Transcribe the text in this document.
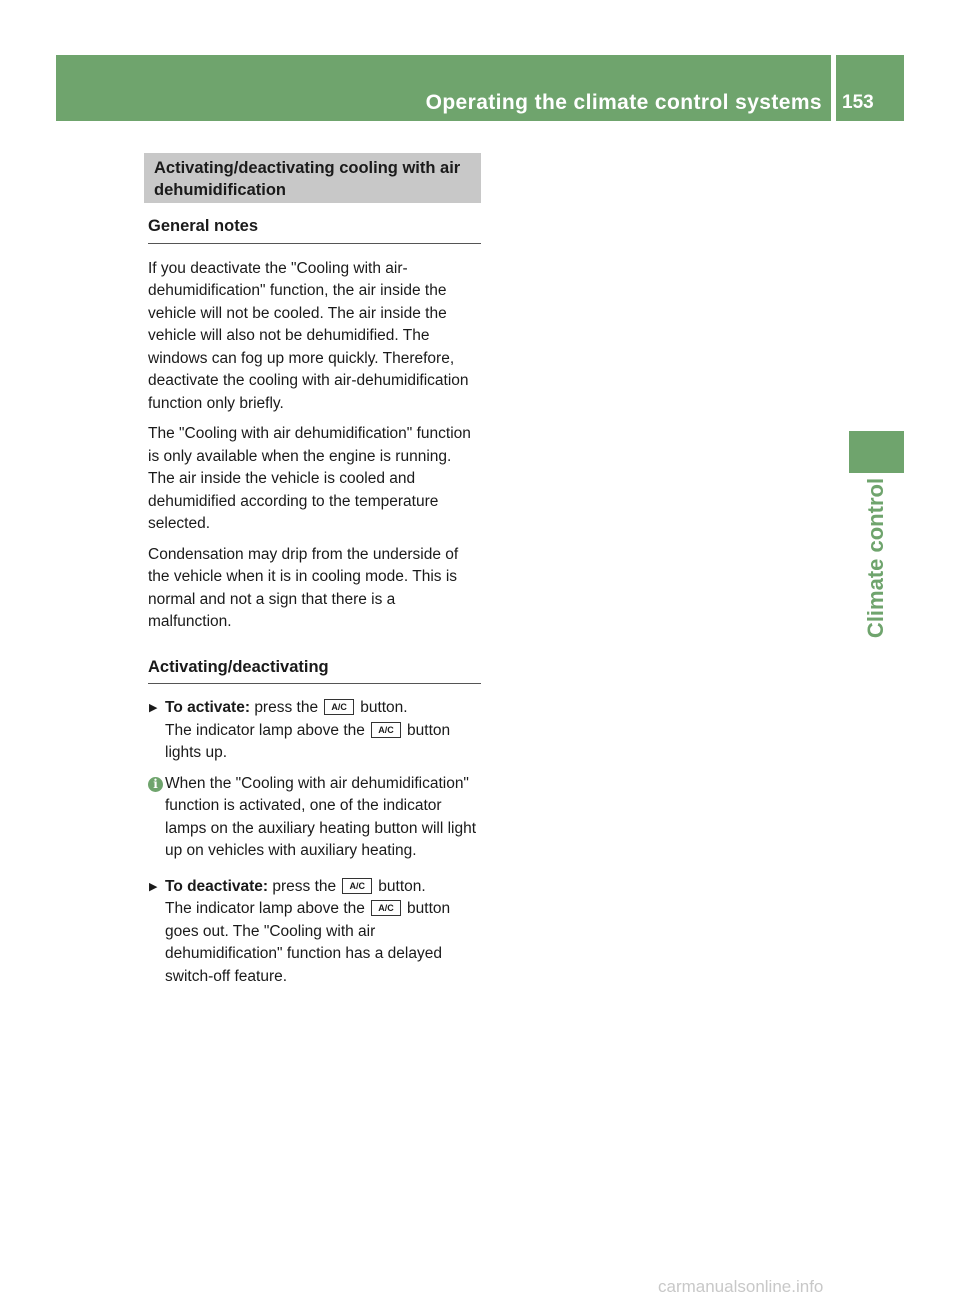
Operating the climate control systems 153
Climate control
Activating/deactivating cooling with air dehumidification
General notes

If you deactivate the "Cooling with air-dehumidification" function, the air inside the vehicle will not be cooled. The air inside the vehicle will also not be dehumidified. The windows can fog up more quickly. Therefore, deactivate the cooling with air-dehumidification function only briefly.

The "Cooling with air dehumidification" function is only available when the engine is running. The air inside the vehicle is cooled and dehumidified according to the temperature selected.

Condensation may drip from the underside of the vehicle when it is in cooling mode. This is normal and not a sign that there is a malfunction.

Activating/deactivating
▶ To activate: press the A/C button.
The indicator lamp above the A/C button lights up.
i When the "Cooling with air dehumidification" function is activated, one of the indicator lamps on the auxiliary heating button will light up on vehicles with auxiliary heating.
▶ To deactivate: press the A/C button.
The indicator lamp above the A/C button goes out. The "Cooling with air dehumidification" function has a delayed switch-off feature.
carmanualsonline.info
